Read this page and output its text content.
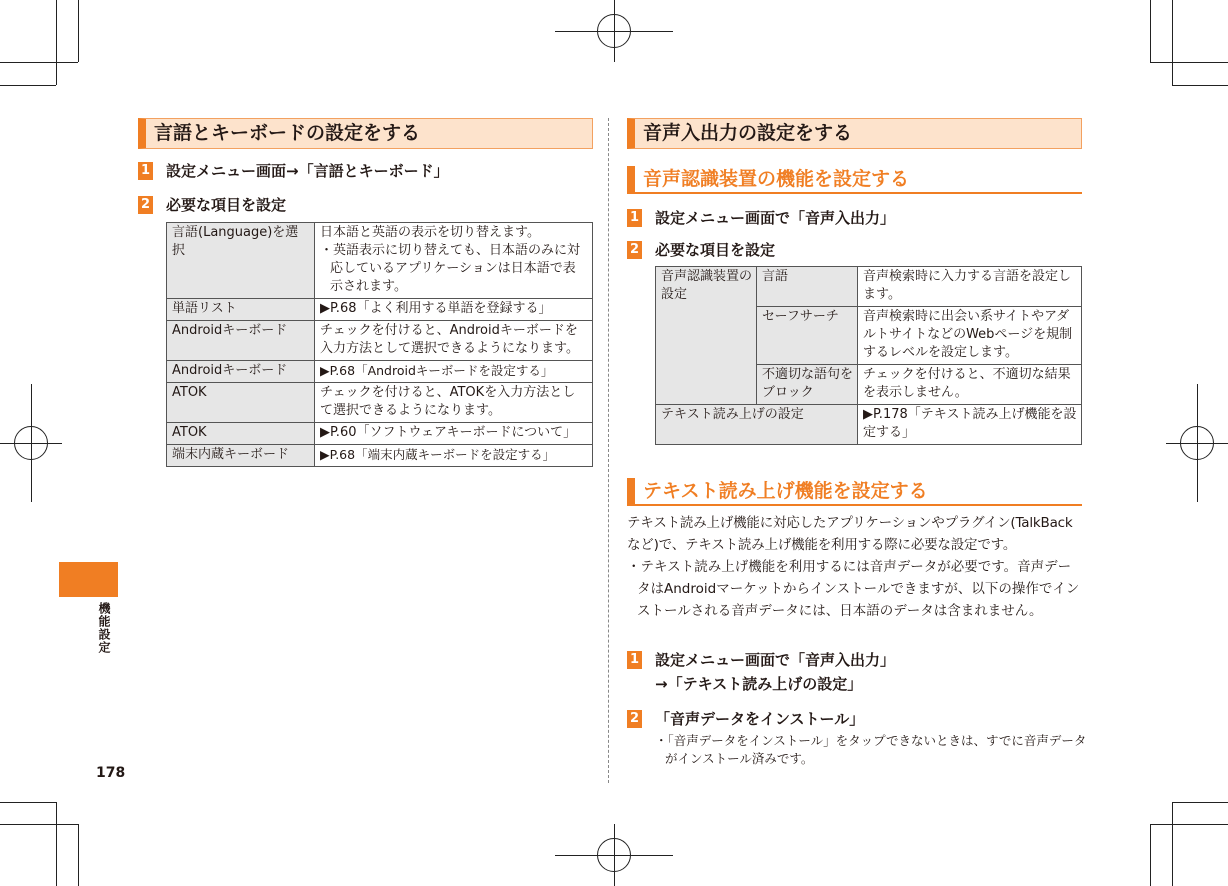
機能設定
178
言語とキーボードの設定をする
1 設定メニュー画面→「言語とキーボード」
2 必要な項目を設定
言語(Language)を選択	日本語と英語の表示を切り替えます。
・英語表示に切り替えても、日本語のみに対応しているアプリケーションは日本語で表示されます。

単語リスト	▶P.68「よく利用する単語を登録する」
Androidキーボード	チェックを付けると、Androidキーボードを入力方法として選択できるようになります。
Androidキーボード	▶P.68「Androidキーボードを設定する」
ATOK	チェックを付けると、ATOKを入力方法として選択できるようになります。
ATOK	▶P.60「ソフトウェアキーボードについて」
端末内蔵キーボード	▶P.68「端末内蔵キーボードを設定する」
音声入出力の設定をする
音声認識装置の機能を設定する
1 設定メニュー画面で「音声入出力」
2 必要な項目を設定
音声認識装置の設定	言語	音声検索時に入力する言語を設定します。
	セーフサーチ	音声検索時に出会い系サイトやアダルトサイトなどのWebページを規制するレベルを設定します。
	不適切な語句をブロック	チェックを付けると、不適切な結果を表示しません。
テキスト読み上げの設定		▶P.178「テキスト読み上げ機能を設定する」
テキスト読み上げ機能を設定する
テキスト読み上げ機能に対応したアプリケーションやプラグイン(TalkBackなど)で、テキスト読み上げ機能を利用する際に必要な設定です。
・テキスト読み上げ機能を利用するには音声データが必要です。音声データはAndroidマーケットからインストールできますが、以下の操作でインストールされる音声データには、日本語のデータは含まれません。
1 設定メニュー画面で「音声入出力」
→「テキスト読み上げの設定」
2 「音声データをインストール」
・「音声データをインストール」をタップできないときは、すでに音声データがインストール済みです。
